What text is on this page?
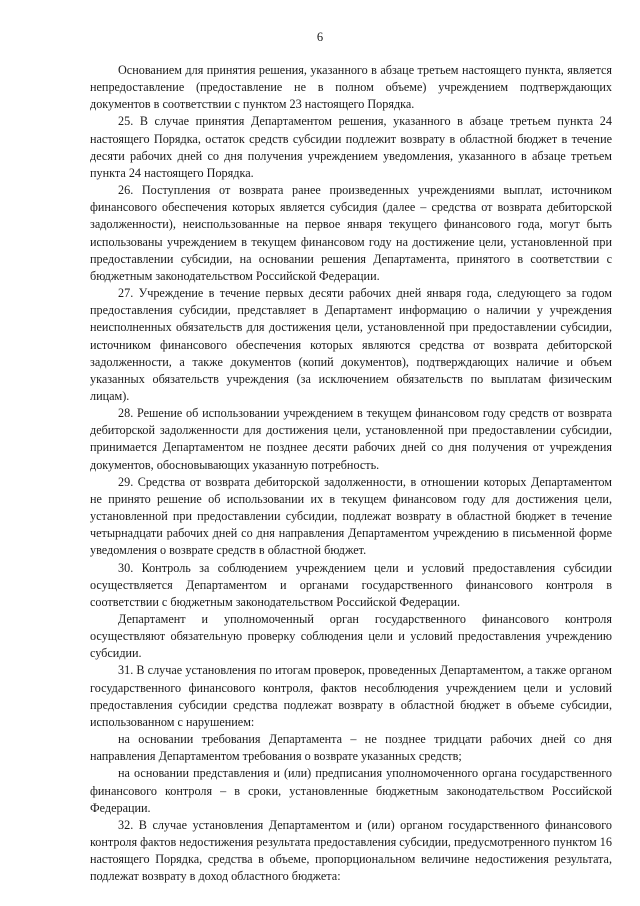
6

Основанием для принятия решения, указанного в абзаце третьем настоящего пункта, является непредоставление (предоставление не в полном объеме) учреждением подтверждающих документов в соответствии с пунктом 23 настоящего Порядка.

25. В случае принятия Департаментом решения, указанного в абзаце третьем пункта 24 настоящего Порядка, остаток средств субсидии подлежит возврату в областной бюджет в течение десяти рабочих дней со дня получения учреждением уведомления, указанного в абзаце третьем пункта 24 настоящего Порядка.

26. Поступления от возврата ранее произведенных учреждениями выплат, источником финансового обеспечения которых является субсидия (далее – средства от возврата дебиторской задолженности), неиспользованные на первое января текущего финансового года, могут быть использованы учреждением в текущем финансовом году на достижение цели, установленной при предоставлении субсидии, на основании решения Департамента, принятого в соответствии с бюджетным законодательством Российской Федерации.

27. Учреждение в течение первых десяти рабочих дней января года, следующего за годом предоставления субсидии, представляет в Департамент информацию о наличии у учреждения неисполненных обязательств для достижения цели, установленной при предоставлении субсидии, источником финансового обеспечения которых являются средства от возврата дебиторской задолженности, а также документов (копий документов), подтверждающих наличие и объем указанных обязательств учреждения (за исключением обязательств по выплатам физическим лицам).

28. Решение об использовании учреждением в текущем финансовом году средств от возврата дебиторской задолженности для достижения цели, установленной при предоставлении субсидии, принимается Департаментом не позднее десяти рабочих дней со дня получения от учреждения документов, обосновывающих указанную потребность.

29. Средства от возврата дебиторской задолженности, в отношении которых Департаментом не принято решение об использовании их в текущем финансовом году для достижения цели, установленной при предоставлении субсидии, подлежат возврату в областной бюджет в течение четырнадцати рабочих дней со дня направления Департаментом учреждению в письменной форме уведомления о возврате средств в областной бюджет.

30. Контроль за соблюдением учреждением цели и условий предоставления субсидии осуществляется Департаментом и органами государственного финансового контроля в соответствии с бюджетным законодательством Российской Федерации.

Департамент и уполномоченный орган государственного финансового контроля осуществляют обязательную проверку соблюдения цели и условий предоставления учреждению субсидии.

31. В случае установления по итогам проверок, проведенных Департаментом, а также органом государственного финансового контроля, фактов несоблюдения учреждением цели и условий предоставления субсидии средства подлежат возврату в областной бюджет в объеме субсидии, использованном с нарушением:

на основании требования Департамента – не позднее тридцати рабочих дней со дня направления Департаментом требования о возврате указанных средств;

на основании представления и (или) предписания уполномоченного органа государственного финансового контроля – в сроки, установленные бюджетным законодательством Российской Федерации.

32. В случае установления Департаментом и (или) органом государственного финансового контроля фактов недостижения результата предоставления субсидии, предусмотренного пунктом 16 настоящего Порядка, средства в объеме, пропорциональном величине недостижения результата, подлежат возврату в доход областного бюджета:
